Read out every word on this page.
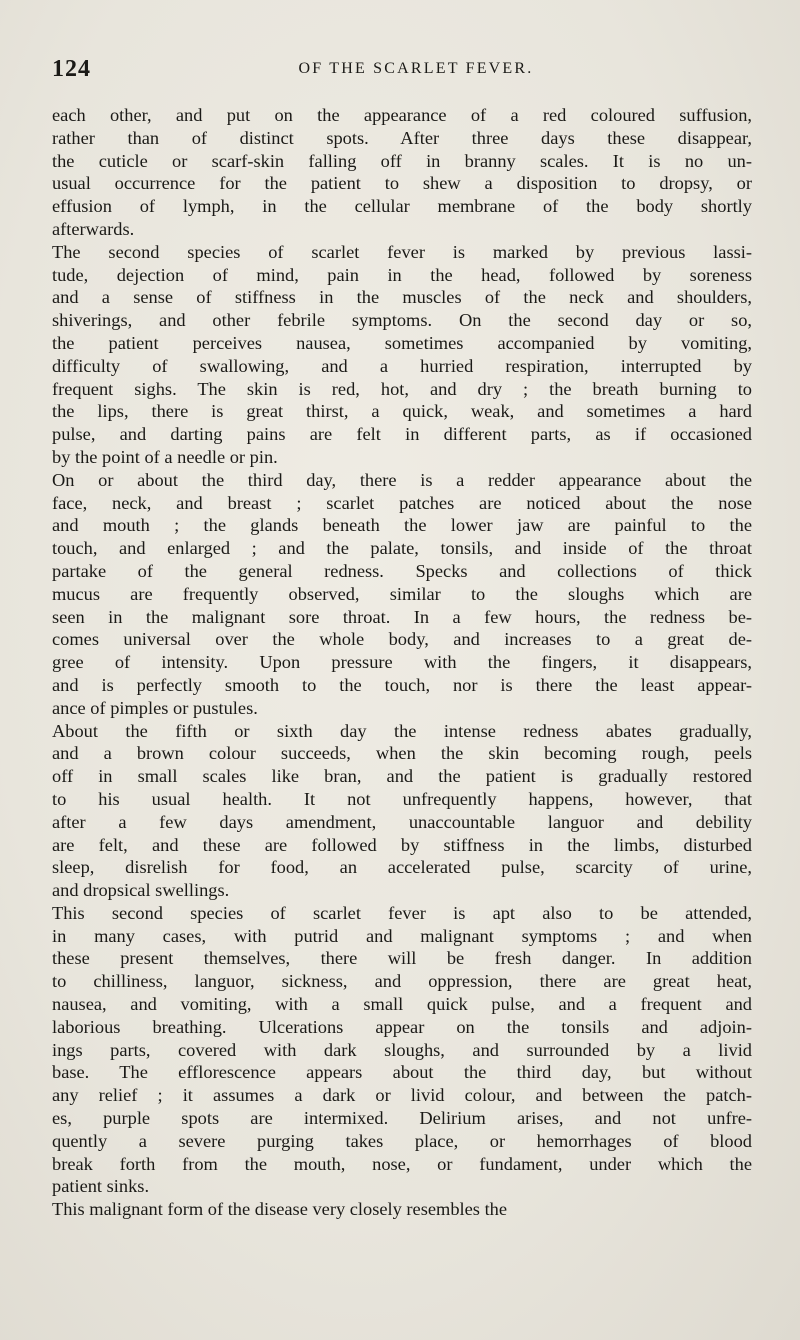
124	OF THE SCARLET FEVER.
each other, and put on the appearance of a red coloured suffusion,
rather than of distinct spots. After three days these disappear,
the cuticle or scarf-skin falling off in branny scales. It is no un-
usual occurrence for the patient to shew a disposition to dropsy, or
effusion of lymph, in the cellular membrane of the body shortly
afterwards.
The second species of scarlet fever is marked by previous lassi-
tude, dejection of mind, pain in the head, followed by soreness
and a sense of stiffness in the muscles of the neck and shoulders,
shiverings, and other febrile symptoms. On the second day or so,
the patient perceives nausea, sometimes accompanied by vomiting,
difficulty of swallowing, and a hurried respiration, interrupted by
frequent sighs. The skin is red, hot, and dry ; the breath burning to
the lips, there is great thirst, a quick, weak, and sometimes a hard
pulse, and darting pains are felt in different parts, as if occasioned
by the point of a needle or pin.
On or about the third day, there is a redder appearance about the
face, neck, and breast ; scarlet patches are noticed about the nose
and mouth ; the glands beneath the lower jaw are painful to the
touch, and enlarged ; and the palate, tonsils, and inside of the throat
partake of the general redness. Specks and collections of thick
mucus are frequently observed, similar to the sloughs which are
seen in the malignant sore throat. In a few hours, the redness be-
comes universal over the whole body, and increases to a great de-
gree of intensity. Upon pressure with the fingers, it disappears,
and is perfectly smooth to the touch, nor is there the least appear-
ance of pimples or pustules.
About the fifth or sixth day the intense redness abates gradually,
and a brown colour succeeds, when the skin becoming rough, peels
off in small scales like bran, and the patient is gradually restored
to his usual health. It not unfrequently happens, however, that
after a few days amendment, unaccountable languor and debility
are felt, and these are followed by stiffness in the limbs, disturbed
sleep, disrelish for food, an accelerated pulse, scarcity of urine,
and dropsical swellings.
This second species of scarlet fever is apt also to be attended,
in many cases, with putrid and malignant symptoms ; and when
these present themselves, there will be fresh danger. In addition
to chilliness, languor, sickness, and oppression, there are great heat,
nausea, and vomiting, with a small quick pulse, and a frequent and
laborious breathing. Ulcerations appear on the tonsils and adjoin-
ings parts, covered with dark sloughs, and surrounded by a livid
base. The efflorescence appears about the third day, but without
any relief ; it assumes a dark or livid colour, and between the patch-
es, purple spots are intermixed. Delirium arises, and not unfre-
quently a severe purging takes place, or hemorrhages of blood
break forth from the mouth, nose, or fundament, under which the
patient sinks.
This malignant form of the disease very closely resembles the
